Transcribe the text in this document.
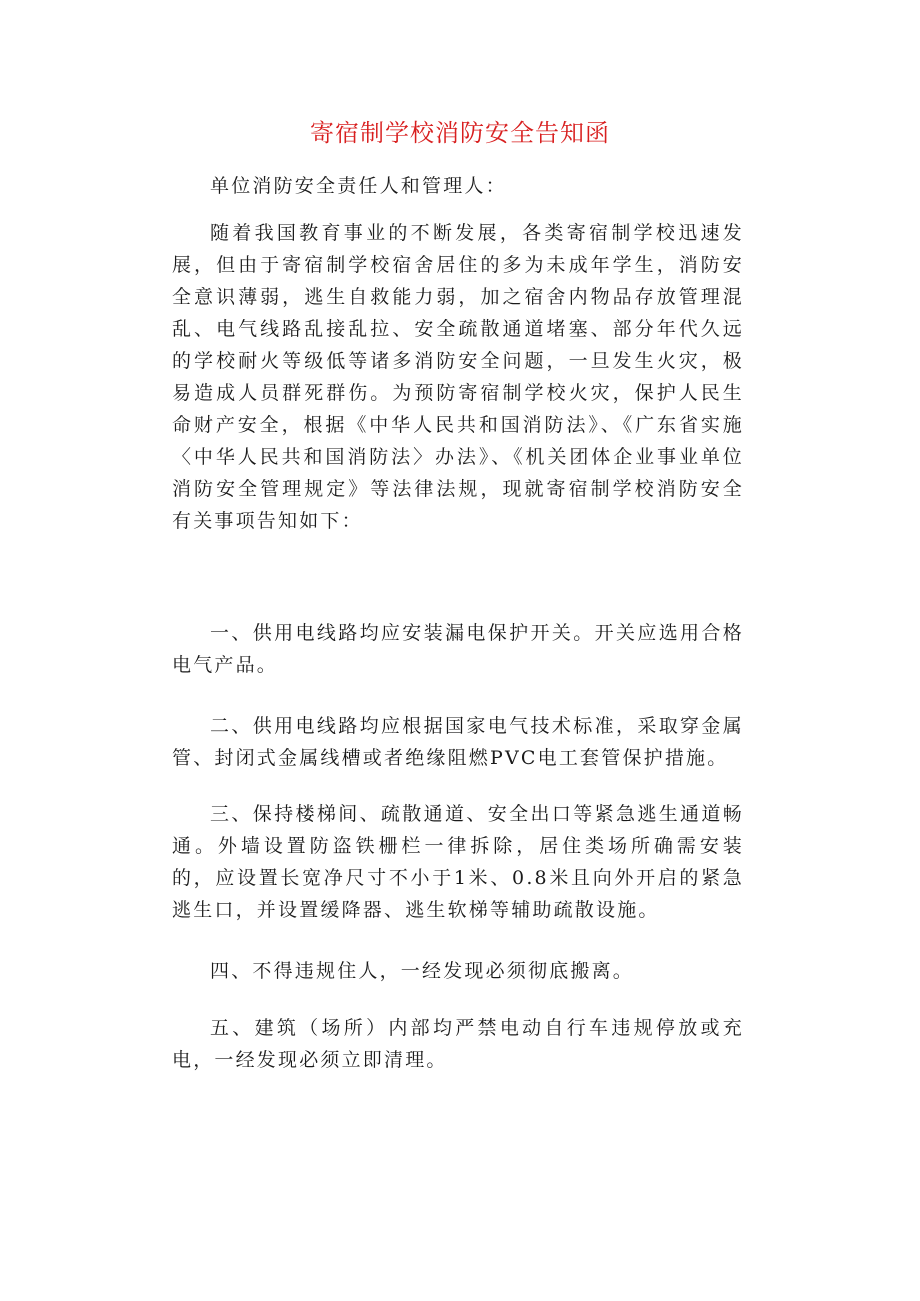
寄宿制学校消防安全告知函
单位消防安全责任人和管理人：
随着我国教育事业的不断发展，各类寄宿制学校迅速发展，但由于寄宿制学校宿舍居住的多为未成年学生，消防安全意识薄弱，逃生自救能力弱，加之宿舍内物品存放管理混乱、电气线路乱接乱拉、安全疏散通道堵塞、部分年代久远的学校耐火等级低等诸多消防安全问题，一旦发生火灾，极易造成人员群死群伤。为预防寄宿制学校火灾，保护人民生命财产安全，根据《中华人民共和国消防法》、《广东省实施〈中华人民共和国消防法〉办法》、《机关团体企业事业单位消防安全管理规定》等法律法规，现就寄宿制学校消防安全有关事项告知如下：
一、供用电线路均应安装漏电保护开关。开关应选用合格电气产品。
二、供用电线路均应根据国家电气技术标准，采取穿金属管、封闭式金属线槽或者绝缘阻燃PVC电工套管保护措施。
三、保持楼梯间、疏散通道、安全出口等紧急逃生通道畅通。外墙设置防盗铁栅栏一律拆除，居住类场所确需安装的，应设置长宽净尺寸不小于1米、0.8米且向外开启的紧急逃生口，并设置缓降器、逃生软梯等辅助疏散设施。
四、不得违规住人，一经发现必须彻底搬离。
五、建筑（场所）内部均严禁电动自行车违规停放或充电，一经发现必须立即清理。
